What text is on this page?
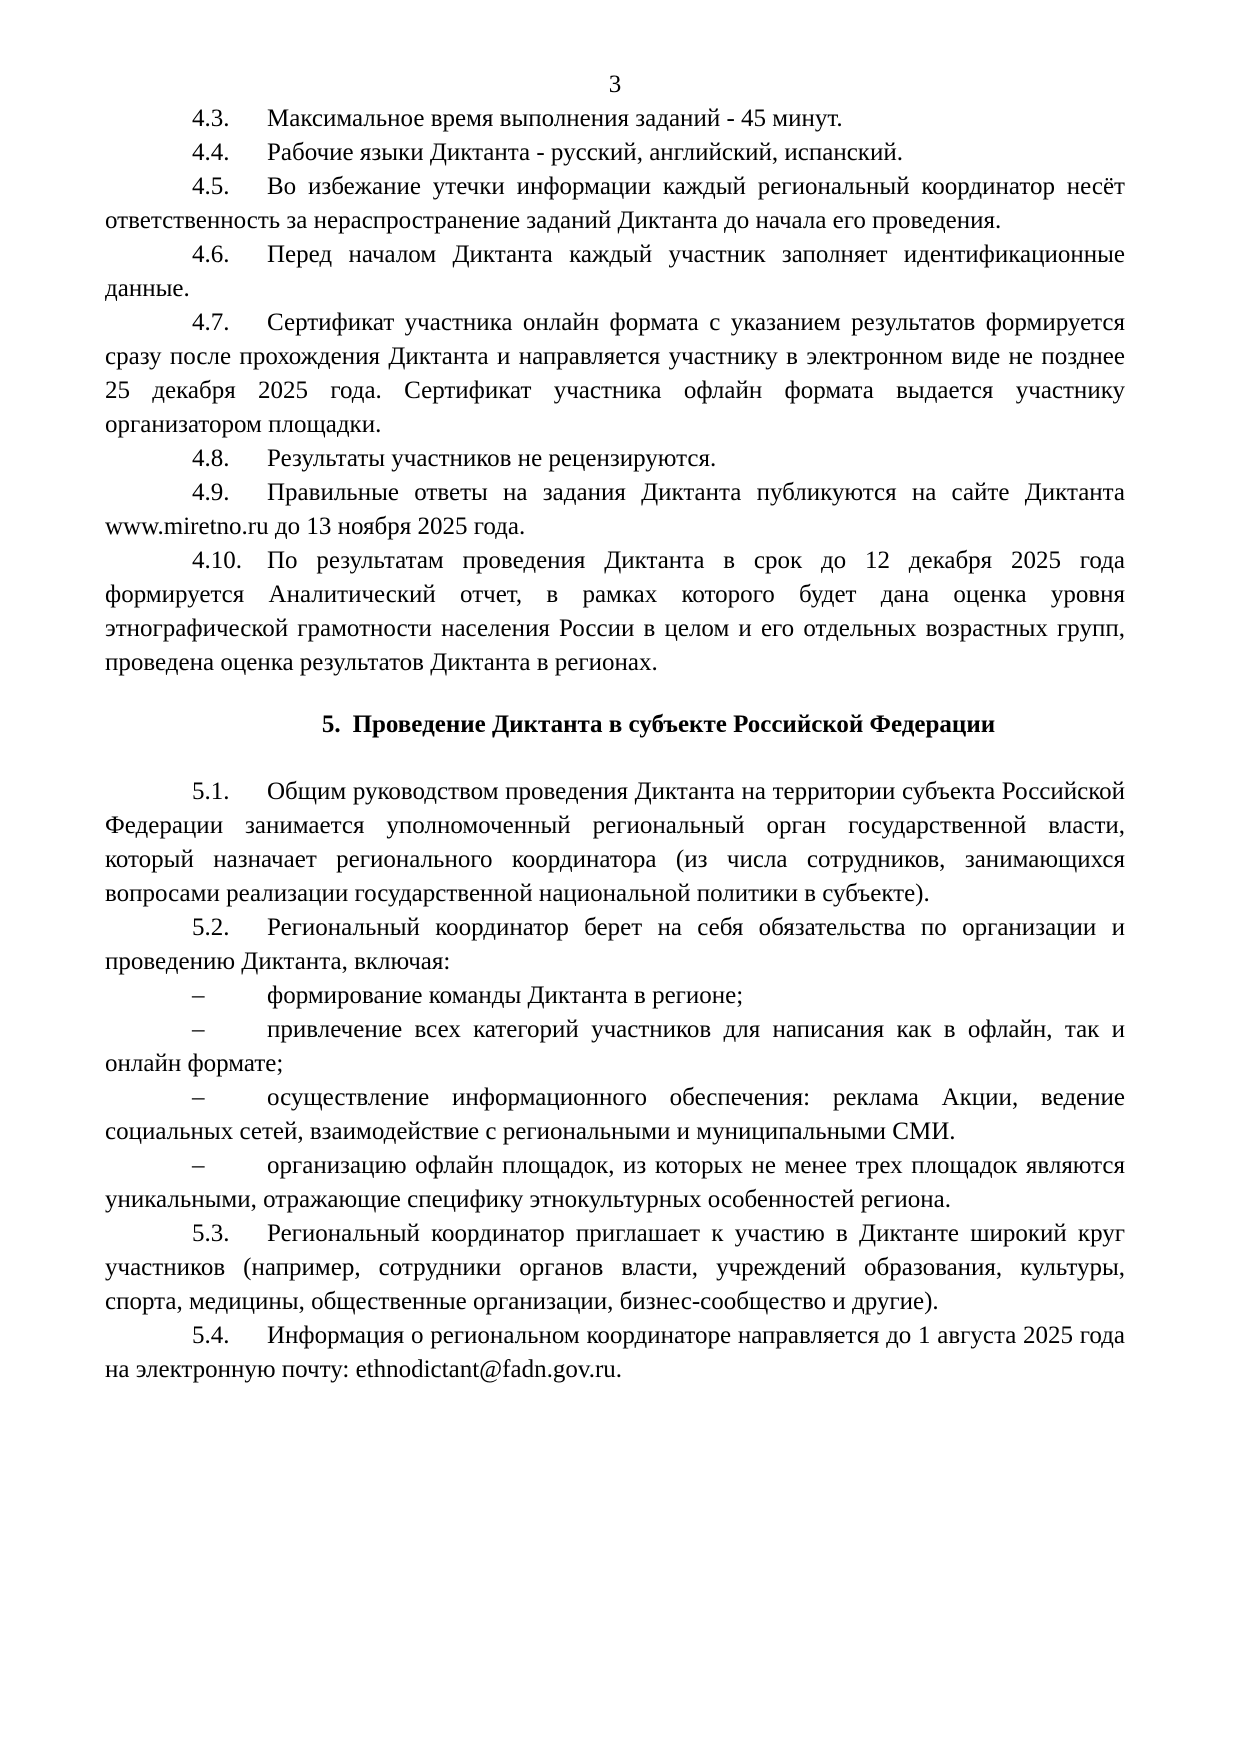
3

4.3. Максимальное время выполнения заданий - 45 минут.

4.4. Рабочие языки Диктанта - русский, английский, испанский.

4.5. Во избежание утечки информации каждый региональный координатор несёт ответственность за нераспространение заданий Диктанта до начала его проведения.

4.6. Перед началом Диктанта каждый участник заполняет идентификационные данные.

4.7. Сертификат участника онлайн формата с указанием результатов формируется сразу после прохождения Диктанта и направляется участнику в электронном виде не позднее 25 декабря 2025 года. Сертификат участника офлайн формата выдается участнику организатором площадки.

4.8. Результаты участников не рецензируются.

4.9. Правильные ответы на задания Диктанта публикуются на сайте Диктанта www.miretno.ru до 13 ноября 2025 года.

4.10. По результатам проведения Диктанта в срок до 12 декабря 2025 года формируется Аналитический отчет, в рамках которого будет дана оценка уровня этнографической грамотности населения России в целом и его отдельных возрастных групп, проведена оценка результатов Диктанта в регионах.

5. Проведение Диктанта в субъекте Российской Федерации

5.1. Общим руководством проведения Диктанта на территории субъекта Российской Федерации занимается уполномоченный региональный орган государственной власти, который назначает регионального координатора (из числа сотрудников, занимающихся вопросами реализации государственной национальной политики в субъекте).

5.2. Региональный координатор берет на себя обязательства по организации и проведению Диктанта, включая:

–	формирование команды Диктанта в регионе;

–	привлечение всех категорий участников для написания как в офлайн, так и онлайн формате;

–	осуществление информационного обеспечения: реклама Акции, ведение социальных сетей, взаимодействие с региональными и муниципальными СМИ.

–	организацию офлайн площадок, из которых не менее трех площадок являются уникальными, отражающие специфику этнокультурных особенностей региона.

5.3. Региональный координатор приглашает к участию в Диктанте широкий круг участников (например, сотрудники органов власти, учреждений образования, культуры, спорта, медицины, общественные организации, бизнес-сообщество и другие).

5.4. Информация о региональном координаторе направляется до 1 августа 2025 года на электронную почту: ethnodictant@fadn.gov.ru.
